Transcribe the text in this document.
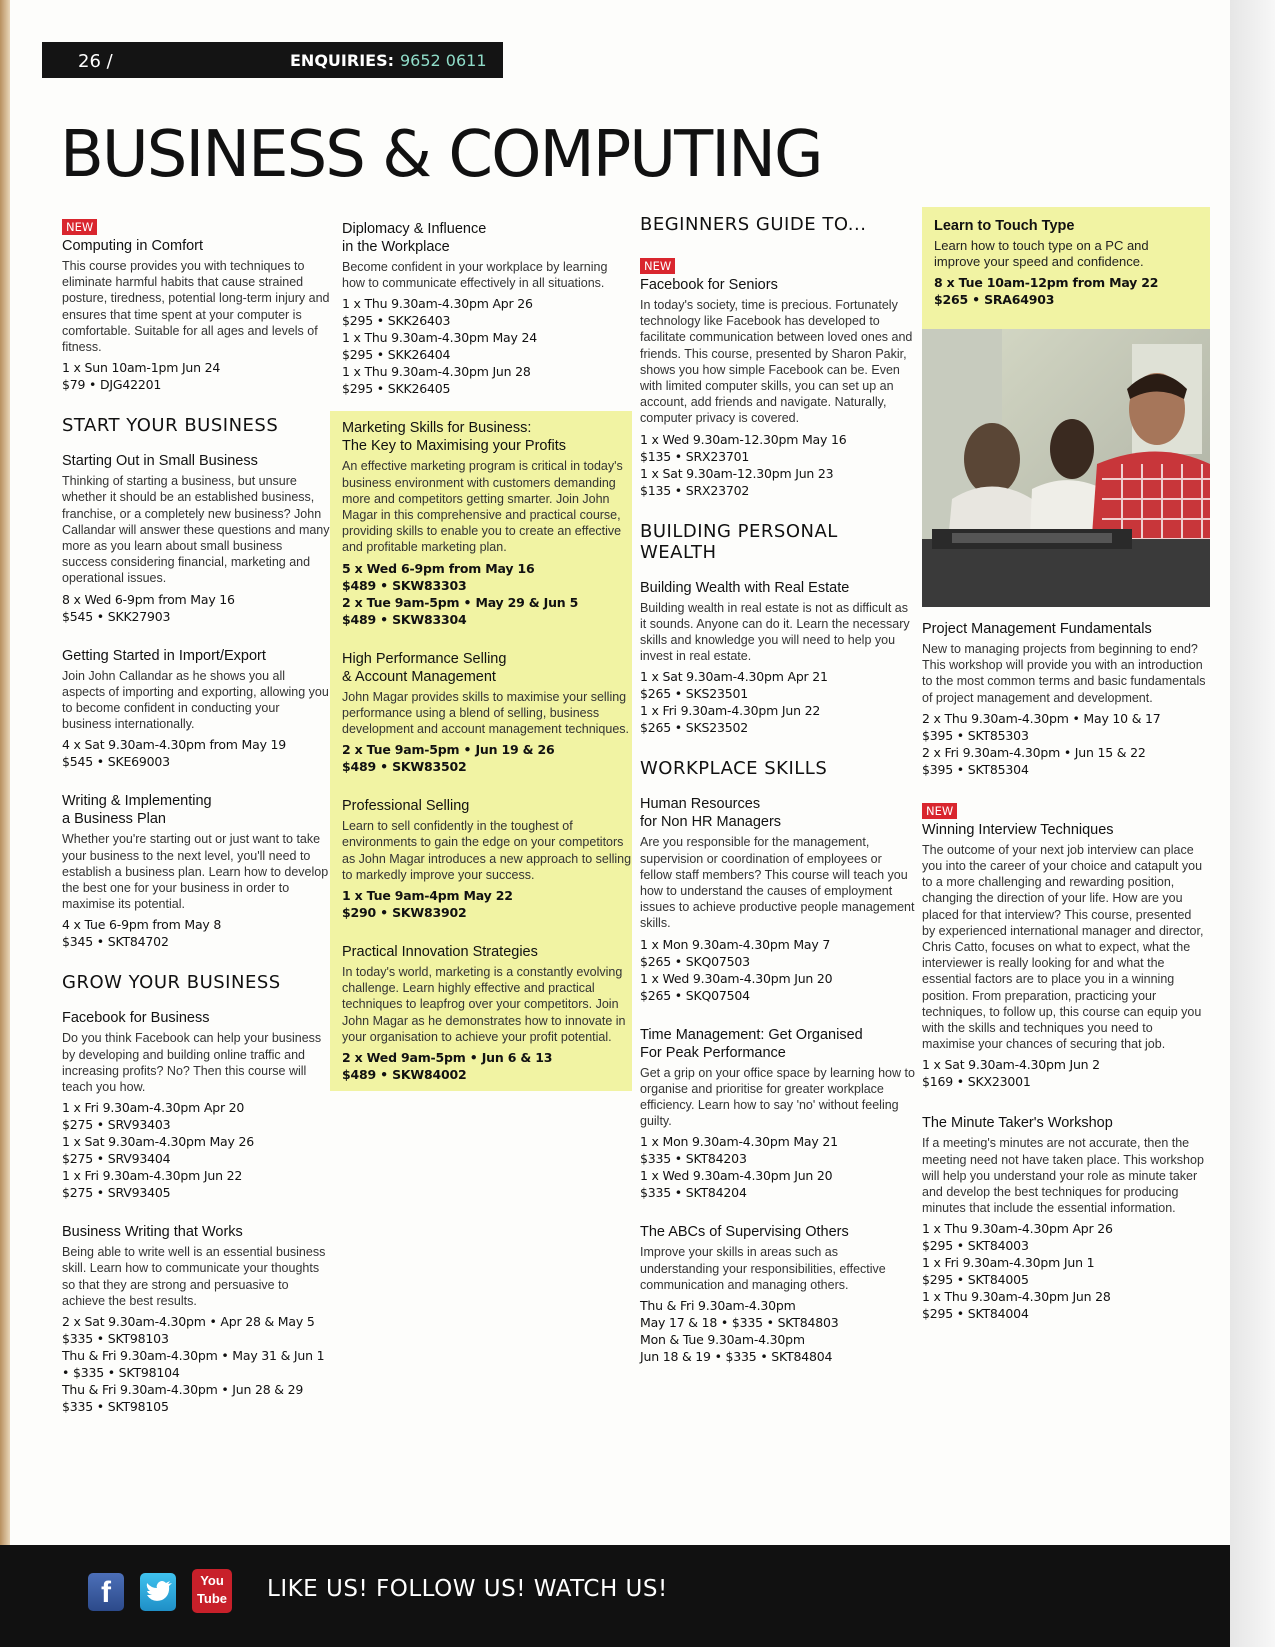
26 /	ENQUIRIES: 9652 0611
BUSINESS & COMPUTING
NEW
Computing in Comfort
This course provides you with techniques to eliminate harmful habits that cause strained posture, tiredness, potential long-term injury and ensures that time spent at your computer is comfortable. Suitable for all ages and levels of fitness.
1 x Sun 10am-1pm Jun 24
$79 • DJG42201
START YOUR BUSINESS
Starting Out in Small Business
Thinking of starting a business, but unsure whether it should be an established business, franchise, or a completely new business? John Callandar will answer these questions and many more as you learn about small business success considering financial, marketing and operational issues.
8 x Wed 6-9pm from May 16
$545 • SKK27903
Getting Started in Import/Export
Join John Callandar as he shows you all aspects of importing and exporting, allowing you to become confident in conducting your business internationally.
4 x Sat 9.30am-4.30pm from May 19
$545 • SKE69003
Writing & Implementing
a Business Plan
Whether you're starting out or just want to take your business to the next level, you'll need to establish a business plan. Learn how to develop the best one for your business in order to maximise its potential.
4 x Tue 6-9pm from May 8
$345 • SKT84702
GROW YOUR BUSINESS
Facebook for Business
Do you think Facebook can help your business by developing and building online traffic and increasing profits? No? Then this course will teach you how.
1 x Fri 9.30am-4.30pm Apr 20
$275 • SRV93403
1 x Sat 9.30am-4.30pm May 26
$275 • SRV93404
1 x Fri 9.30am-4.30pm Jun 22
$275 • SRV93405
Business Writing that Works
Being able to write well is an essential business skill. Learn how to communicate your thoughts so that they are strong and persuasive to achieve the best results.
2 x Sat 9.30am-4.30pm • Apr 28 & May 5
$335 • SKT98103
Thu & Fri 9.30am-4.30pm • May 31 & Jun 1 • $335 • SKT98104
Thu & Fri 9.30am-4.30pm • Jun 28 & 29
$335 • SKT98105
Diplomacy & Influence
in the Workplace
Become confident in your workplace by learning how to communicate effectively in all situations.
1 x Thu 9.30am-4.30pm Apr 26
$295 • SKK26403
1 x Thu 9.30am-4.30pm May 24
$295 • SKK26404
1 x Thu 9.30am-4.30pm Jun 28
$295 • SKK26405
Marketing Skills for Business:
The Key to Maximising your Profits
An effective marketing program is critical in today's business environment with customers demanding more and competitors getting smarter. Join John Magar in this comprehensive and practical course, providing skills to enable you to create an effective and profitable marketing plan.
5 x Wed 6-9pm from May 16
$489 • SKW83303
2 x Tue 9am-5pm • May 29 & Jun 5
$489 • SKW83304
High Performance Selling
& Account Management
John Magar provides skills to maximise your selling performance using a blend of selling, business development and account management techniques.
2 x Tue 9am-5pm • Jun 19 & 26
$489 • SKW83502
Professional Selling
Learn to sell confidently in the toughest of environments to gain the edge on your competitors as John Magar introduces a new approach to selling to markedly improve your success.
1 x Tue 9am-4pm May 22
$290 • SKW83902
Practical Innovation Strategies
In today's world, marketing is a constantly evolving challenge. Learn highly effective and practical techniques to leapfrog over your competitors. Join John Magar as he demonstrates how to innovate in your organisation to achieve your profit potential.
2 x Wed 9am-5pm • Jun 6 & 13
$489 • SKW84002
BEGINNERS GUIDE TO...
NEW
Facebook for Seniors
In today's society, time is precious. Fortunately technology like Facebook has developed to facilitate communication between loved ones and friends. This course, presented by Sharon Pakir, shows you how simple Facebook can be. Even with limited computer skills, you can set up an account, add friends and navigate. Naturally, computer privacy is covered.
1 x Wed 9.30am-12.30pm May 16
$135 • SRX23701
1 x Sat 9.30am-12.30pm Jun 23
$135 • SRX23702
BUILDING PERSONAL WEALTH
Building Wealth with Real Estate
Building wealth in real estate is not as difficult as it sounds. Anyone can do it. Learn the necessary skills and knowledge you will need to help you invest in real estate.
1 x Sat 9.30am-4.30pm Apr 21
$265 • SKS23501
1 x Fri 9.30am-4.30pm Jun 22
$265 • SKS23502
WORKPLACE SKILLS
Human Resources
for Non HR Managers
Are you responsible for the management, supervision or coordination of employees or fellow staff members? This course will teach you how to understand the causes of employment issues to achieve productive people management skills.
1 x Mon 9.30am-4.30pm May 7
$265 • SKQ07503
1 x Wed 9.30am-4.30pm Jun 20
$265 • SKQ07504
Time Management: Get Organised
For Peak Performance
Get a grip on your office space by learning how to organise and prioritise for greater workplace efficiency. Learn how to say 'no' without feeling guilty.
1 x Mon 9.30am-4.30pm May 21
$335 • SKT84203
1 x Wed 9.30am-4.30pm Jun 20
$335 • SKT84204
The ABCs of Supervising Others
Improve your skills in areas such as understanding your responsibilities, effective communication and managing others.
Thu & Fri 9.30am-4.30pm
May 17 & 18 • $335 • SKT84803
Mon & Tue 9.30am-4.30pm
Jun 18 & 19 • $335 • SKT84804
Learn to Touch Type
Learn how to touch type on a PC and improve your speed and confidence.
8 x Tue 10am-12pm from May 22
$265 • SRA64903
Project Management Fundamentals
New to managing projects from beginning to end? This workshop will provide you with an introduction to the most common terms and basic fundamentals of project management and development.
2 x Thu 9.30am-4.30pm • May 10 & 17
$395 • SKT85303
2 x Fri 9.30am-4.30pm • Jun 15 & 22
$395 • SKT85304
NEW
Winning Interview Techniques
The outcome of your next job interview can place you into the career of your choice and catapult you to a more challenging and rewarding position, changing the direction of your life. How are you placed for that interview? This course, presented by experienced international manager and director, Chris Catto, focuses on what to expect, what the interviewer is really looking for and what the essential factors are to place you in a winning position. From preparation, practicing your techniques, to follow up, this course can equip you with the skills and techniques you need to maximise your chances of securing that job.
1 x Sat 9.30am-4.30pm Jun 2
$169 • SKX23001
The Minute Taker's Workshop
If a meeting's minutes are not accurate, then the meeting need not have taken place. This workshop will help you understand your role as minute taker and develop the best techniques for producing minutes that include the essential information.
1 x Thu 9.30am-4.30pm Apr 26
$295 • SKT84003
1 x Fri 9.30am-4.30pm Jun 1
$295 • SKT84005
1 x Thu 9.30am-4.30pm Jun 28
$295 • SKT84004
f	You
Tube LIKE US! FOLLOW US! WATCH US!
